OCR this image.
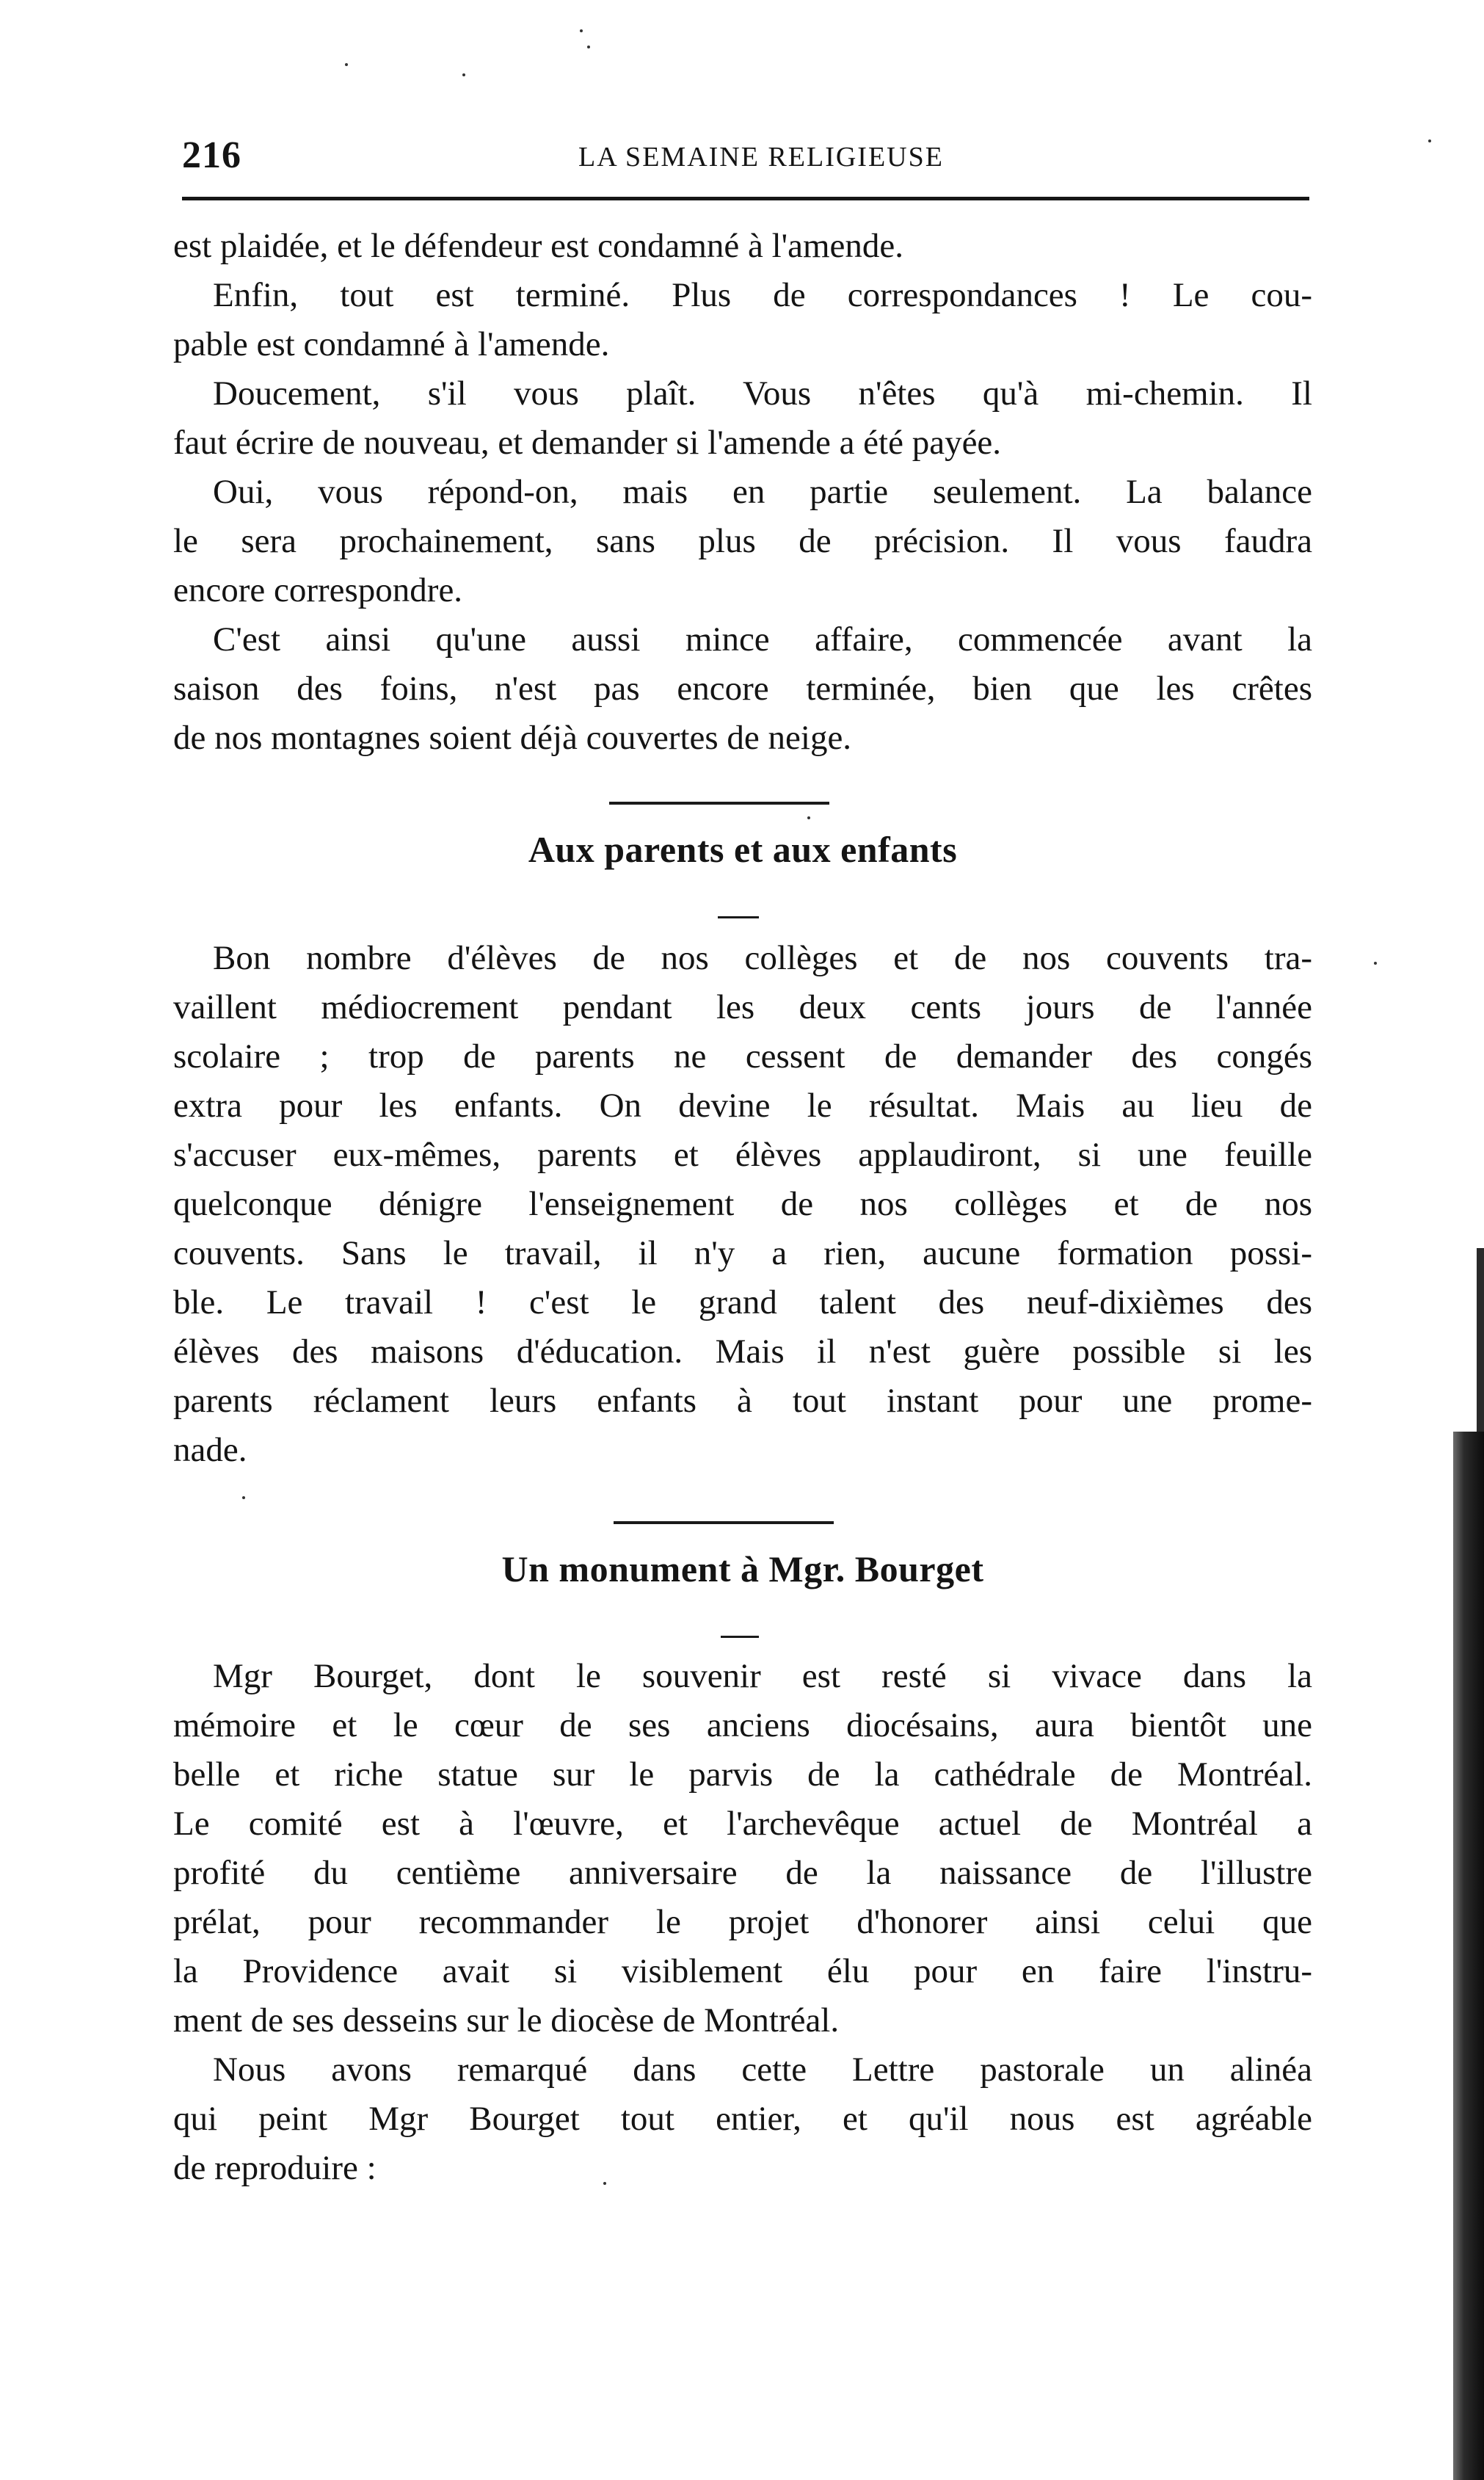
216	LA SEMAINE RELIGIEUSE
est plaidée, et le défendeur est condamné à l'amende.
Enfin, tout est terminé. Plus de correspondances ! Le cou-
pable est condamné à l'amende.
Doucement, s'il vous plaît. Vous n'êtes qu'à mi-chemin. Il
faut écrire de nouveau, et demander si l'amende a été payée.
Oui, vous répond-on, mais en partie seulement. La balance
le sera prochainement, sans plus de précision. Il vous faudra
encore correspondre.
C'est ainsi qu'une aussi mince affaire, commencée avant la
saison des foins, n'est pas encore terminée, bien que les crêtes
de nos montagnes soient déjà couvertes de neige.
Aux parents et aux enfants
Bon nombre d'élèves de nos collèges et de nos couvents tra-
vaillent médiocrement pendant les deux cents jours de l'année
scolaire ; trop de parents ne cessent de demander des congés
extra pour les enfants. On devine le résultat. Mais au lieu de
s'accuser eux-mêmes, parents et élèves applaudiront, si une feuille
quelconque dénigre l'enseignement de nos collèges et de nos
couvents. Sans le travail, il n'y a rien, aucune formation possi-
ble. Le travail ! c'est le grand talent des neuf-dixièmes des
élèves des maisons d'éducation. Mais il n'est guère possible si les
parents réclament leurs enfants à tout instant pour une prome-
nade.
Un monument à Mgr. Bourget
Mgr Bourget, dont le souvenir est resté si vivace dans la
mémoire et le cœur de ses anciens diocésains, aura bientôt une
belle et riche statue sur le parvis de la cathédrale de Montréal.
Le comité est à l'œuvre, et l'archevêque actuel de Montréal a
profité du centième anniversaire de la naissance de l'illustre
prélat, pour recommander le projet d'honorer ainsi celui que
la Providence avait si visiblement élu pour en faire l'instru-
ment de ses desseins sur le diocèse de Montréal.
Nous avons remarqué dans cette Lettre pastorale un alinéa
qui peint Mgr Bourget tout entier, et qu'il nous est agréable
de reproduire :
